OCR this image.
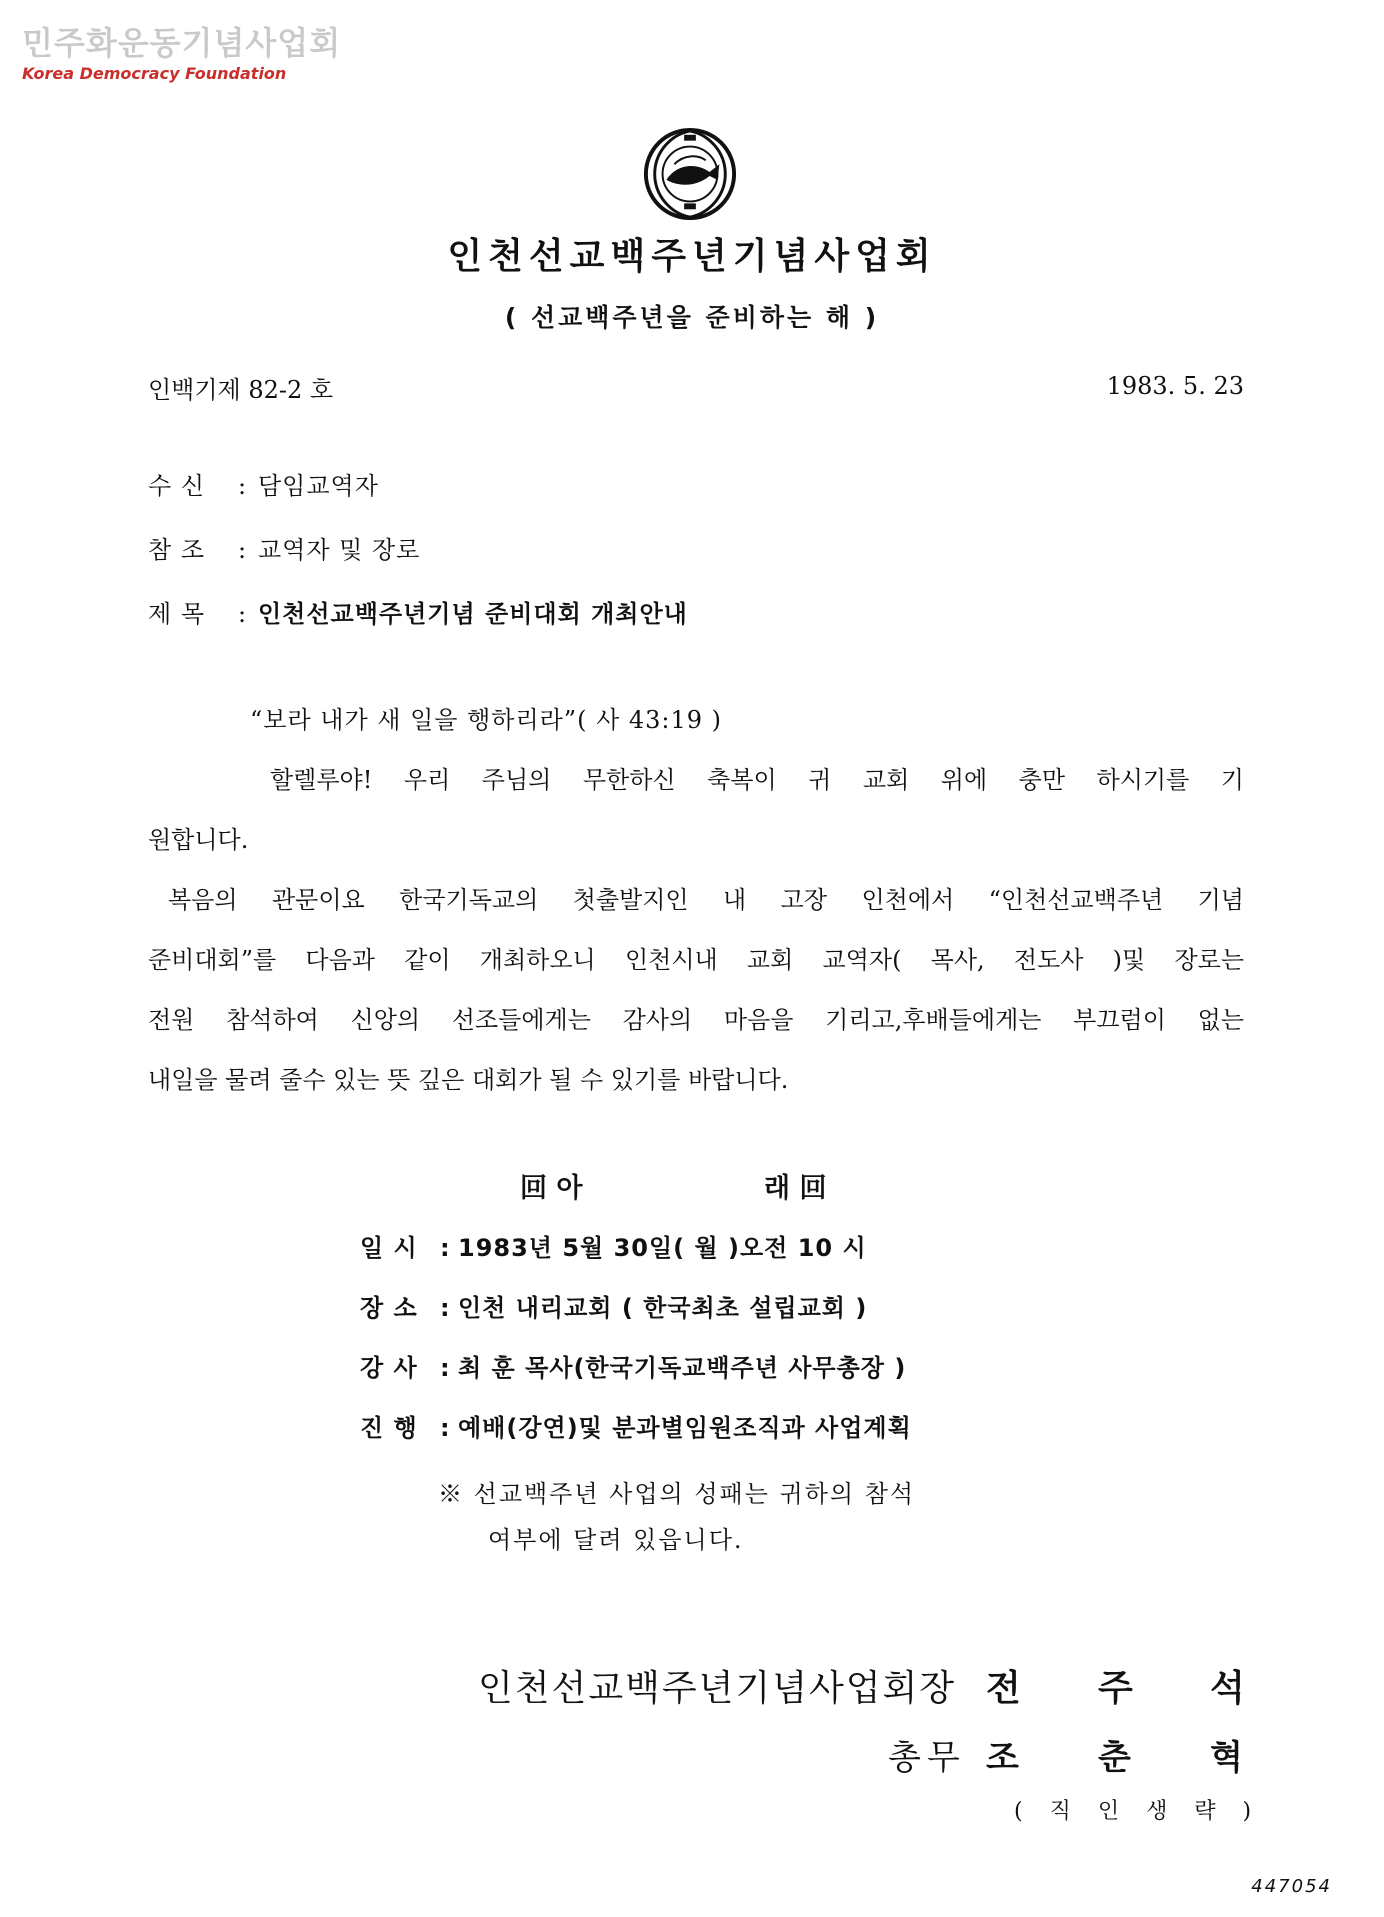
민주화운동기념사업회
Korea Democracy Foundation
인천선교백주년기념사업회
( 선교백주년을 준비하는 해 )
인백기제 82-2 호	1983. 5. 23
수 신 : 담임교역자
참 조 : 교역자 및 장로
제 목 : 인천선교백주년기념 준비대회 개최안내
“보라 내가 새 일을 행하리라”( 사 43:19 )
할렐루야! 우리 주님의 무한하신 축복이 귀 교회 위에 충만 하시기를 기
원합니다.
복음의 관문이요 한국기독교의 첫출발지인 내 고장 인천에서 “인천선교백주년 기념
준비대회”를 다음과 같이 개최하오니 인천시내 교회 교역자( 목사, 전도사 )및 장로는
전원 참석하여 신앙의 선조들에게는 감사의 마음을 기리고,후배들에게는 부끄럼이 없는
내일을 물려 줄수 있는 뜻 깊은 대회가 될 수 있기를 바랍니다.
回 아	래 回
일 시 : 1983년 5월 30일( 월 )오전 10 시
장 소 : 인천 내리교회 ( 한국최초 설립교회 )
강 사 : 최 훈 목사(한국기독교백주년 사무총장 )
진 행 : 예배(강연)및 분과별임원조직과 사업계획
※ 선교백주년 사업의 성패는 귀하의 참석
여부에 달려 있읍니다.
인천선교백주년기념사업회장 전 주 석
총무 조 춘 혁
( 직 인 생 략 )
447054
